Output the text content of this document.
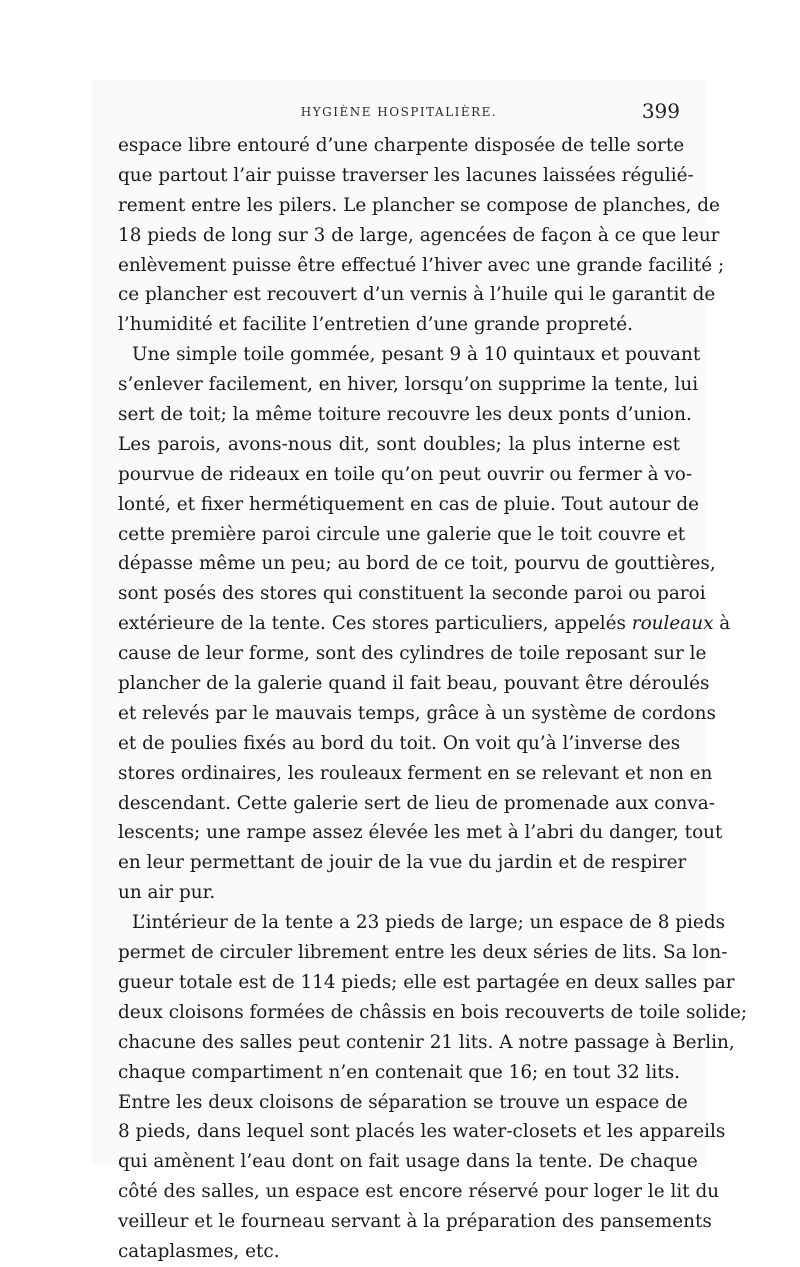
HYGIÈNE HOSPITALIÈRE.	399
espace libre entouré d’une charpente disposée de telle sorte
que partout l’air puisse traverser les lacunes laissées régulié-
rement entre les pilers. Le plancher se compose de planches, de
18 pieds de long sur 3 de large, agencées de façon à ce que leur
enlèvement puisse être effectué l’hiver avec une grande facilité ;
ce plancher est recouvert d’un vernis à l’huile qui le garantit de
l’humidité et facilite l’entretien d’une grande propreté.
Une simple toile gommée, pesant 9 à 10 quintaux et pouvant
s’enlever facilement, en hiver, lorsqu’on supprime la tente, lui
sert de toit; la même toiture recouvre les deux ponts d’union.
Les parois, avons-nous dit, sont doubles; la plus interne est
pourvue de rideaux en toile qu’on peut ouvrir ou fermer à vo-
lonté, et fixer hermétiquement en cas de pluie. Tout autour de
cette première paroi circule une galerie que le toit couvre et
dépasse même un peu; au bord de ce toit, pourvu de gouttières,
sont posés des stores qui constituent la seconde paroi ou paroi
extérieure de la tente. Ces stores particuliers, appelés rouleaux à
cause de leur forme, sont des cylindres de toile reposant sur le
plancher de la galerie quand il fait beau, pouvant être déroulés
et relevés par le mauvais temps, grâce à un système de cordons
et de poulies fixés au bord du toit. On voit qu’à l’inverse des
stores ordinaires, les rouleaux ferment en se relevant et non en
descendant. Cette galerie sert de lieu de promenade aux conva-
lescents; une rampe assez élevée les met à l’abri du danger, tout
en leur permettant de jouir de la vue du jardin et de respirer
un air pur.
L’intérieur de la tente a 23 pieds de large; un espace de 8 pieds
permet de circuler librement entre les deux séries de lits. Sa lon-
gueur totale est de 114 pieds; elle est partagée en deux salles par
deux cloisons formées de châssis en bois recouverts de toile solide;
chacune des salles peut contenir 21 lits. A notre passage à Berlin,
chaque compartiment n’en contenait que 16; en tout 32 lits.
Entre les deux cloisons de séparation se trouve un espace de
8 pieds, dans lequel sont placés les water-closets et les appareils
qui amènent l’eau dont on fait usage dans la tente. De chaque
côté des salles, un espace est encore réservé pour loger le lit du
veilleur et le fourneau servant à la préparation des pansements
cataplasmes, etc.
